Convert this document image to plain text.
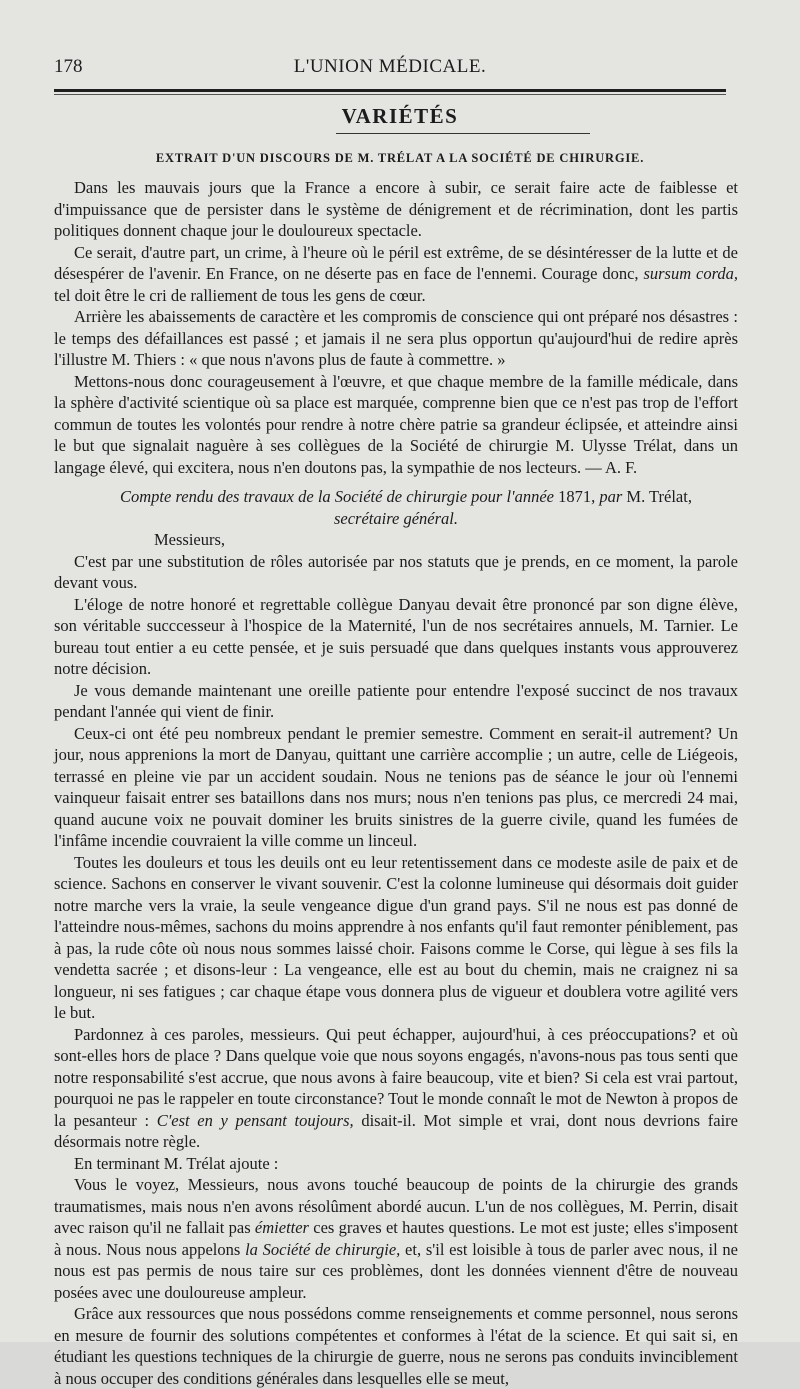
178	L'UNION MÉDICALE.
VARIÉTÉS
EXTRAIT D'UN DISCOURS DE M. TRÉLAT A LA SOCIÉTÉ DE CHIRURGIE.

Dans les mauvais jours que la France a encore à subir, ce serait faire acte de faiblesse et d'impuissance que de persister dans le système de dénigrement et de récrimination, dont les partis politiques donnent chaque jour le douloureux spectacle.

Ce serait, d'autre part, un crime, à l'heure où le péril est extrême, de se désintéresser de la lutte et de désespérer de l'avenir. En France, on ne déserte pas en face de l'ennemi. Courage donc, sursum corda, tel doit être le cri de ralliement de tous les gens de cœur.

Arrière les abaissements de caractère et les compromis de conscience qui ont préparé nos désastres : le temps des défaillances est passé ; et jamais il ne sera plus opportun qu'aujourd'hui de redire après l'illustre M. Thiers : « que nous n'avons plus de faute à commettre. »

Mettons-nous donc courageusement à l'œuvre, et que chaque membre de la famille médicale, dans la sphère d'activité scientique où sa place est marquée, comprenne bien que ce n'est pas trop de l'effort commun de toutes les volontés pour rendre à notre chère patrie sa grandeur éclipsée, et atteindre ainsi le but que signalait naguère à ses collègues de la Société de chirurgie M. Ulysse Trélat, dans un langage élevé, qui excitera, nous n'en doutons pas, la sympathie de nos lecteurs. — A. F.

Compte rendu des travaux de la Société de chirurgie pour l'année 1871, par M. Trélat,
secrétaire général.

Messieurs,

C'est par une substitution de rôles autorisée par nos statuts que je prends, en ce moment, la parole devant vous.

L'éloge de notre honoré et regrettable collègue Danyau devait être prononcé par son digne élève, son véritable succcesseur à l'hospice de la Maternité, l'un de nos secrétaires annuels, M. Tarnier. Le bureau tout entier a eu cette pensée, et je suis persuadé que dans quelques instants vous approuverez notre décision.

Je vous demande maintenant une oreille patiente pour entendre l'exposé succinct de nos travaux pendant l'année qui vient de finir.

Ceux-ci ont été peu nombreux pendant le premier semestre. Comment en serait-il autrement? Un jour, nous apprenions la mort de Danyau, quittant une carrière accomplie ; un autre, celle de Liégeois, terrassé en pleine vie par un accident soudain. Nous ne tenions pas de séance le jour où l'ennemi vainqueur faisait entrer ses bataillons dans nos murs; nous n'en tenions pas plus, ce mercredi 24 mai, quand aucune voix ne pouvait dominer les bruits sinistres de la guerre civile, quand les fumées de l'infâme incendie couvraient la ville comme un linceul.

Toutes les douleurs et tous les deuils ont eu leur retentissement dans ce modeste asile de paix et de science. Sachons en conserver le vivant souvenir. C'est la colonne lumineuse qui désormais doit guider notre marche vers la vraie, la seule vengeance digue d'un grand pays. S'il ne nous est pas donné de l'atteindre nous-mêmes, sachons du moins apprendre à nos enfants qu'il faut remonter péniblement, pas à pas, la rude côte où nous nous sommes laissé choir. Faisons comme le Corse, qui lègue à ses fils la vendetta sacrée ; et disons-leur : La vengeance, elle est au bout du chemin, mais ne craignez ni sa longueur, ni ses fatigues ; car chaque étape vous donnera plus de vigueur et doublera votre agilité vers le but.

Pardonnez à ces paroles, messieurs. Qui peut échapper, aujourd'hui, à ces préoccupations? et où sont-elles hors de place ? Dans quelque voie que nous soyons engagés, n'avons-nous pas tous senti que notre responsabilité s'est accrue, que nous avons à faire beaucoup, vite et bien? Si cela est vrai partout, pourquoi ne pas le rappeler en toute circonstance? Tout le monde connaît le mot de Newton à propos de la pesanteur : C'est en y pensant toujours, disait-il. Mot simple et vrai, dont nous devrions faire désormais notre règle.

En terminant M. Trélat ajoute :

Vous le voyez, Messieurs, nous avons touché beaucoup de points de la chirurgie des grands traumatismes, mais nous n'en avons résolûment abordé aucun. L'un de nos collègues, M. Perrin, disait avec raison qu'il ne fallait pas émietter ces graves et hautes questions. Le mot est juste; elles s'imposent à nous. Nous nous appelons la Société de chirurgie, et, s'il est loisible à tous de parler avec nous, il ne nous est pas permis de nous taire sur ces problèmes, dont les données viennent d'être de nouveau posées avec une douloureuse ampleur.

Grâce aux ressources que nous possédons comme renseignements et comme personnel, nous serons en mesure de fournir des solutions compétentes et conformes à l'état de la science. Et qui sait si, en étudiant les questions techniques de la chirurgie de guerre, nous ne serons pas conduits invinciblement à nous occuper des conditions générales dans lesquelles elle se meut,
